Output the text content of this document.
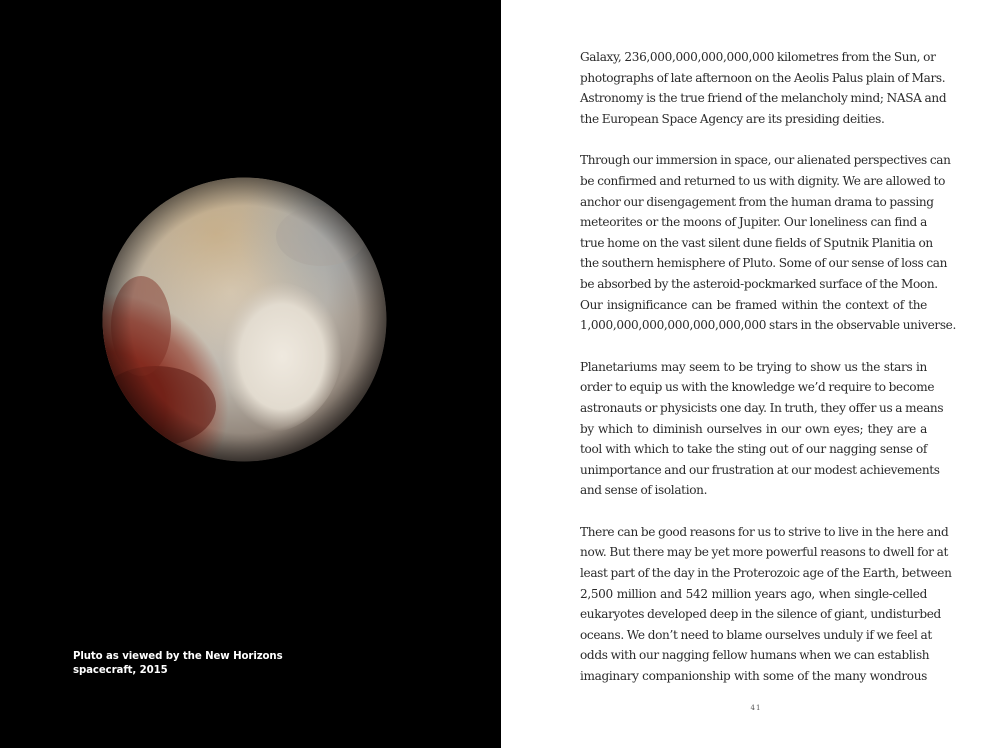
Pluto as viewed by the New Horizons
spacecraft, 2015

Galaxy, 236,000,000,000,000,000 kilometres from the Sun, or
photographs of late afternoon on the Aeolis Palus plain of Mars.
Astronomy is the true friend of the melancholy mind; NASA and
the European Space Agency are its presiding deities.

Through our immersion in space, our alienated perspectives can
be confirmed and returned to us with dignity. We are allowed to
anchor our disengagement from the human drama to passing
meteorites or the moons of Jupiter. Our loneliness can find a
true home on the vast silent dune fields of Sputnik Planitia on
the southern hemisphere of Pluto. Some of our sense of loss can
be absorbed by the asteroid-pockmarked surface of the Moon.
Our insignificance can be framed within the context of the
1,000,000,000,000,000,000,000 stars in the observable universe.

Planetariums may seem to be trying to show us the stars in
order to equip us with the knowledge we’d require to become
astronauts or physicists one day. In truth, they offer us a means
by which to diminish ourselves in our own eyes; they are a
tool with which to take the sting out of our nagging sense of
unimportance and our frustration at our modest achievements
and sense of isolation.

There can be good reasons for us to strive to live in the here and
now. But there may be yet more powerful reasons to dwell for at
least part of the day in the Proterozoic age of the Earth, between
2,500 million and 542 million years ago, when single-celled
eukaryotes developed deep in the silence of giant, undisturbed
oceans. We don’t need to blame ourselves unduly if we feel at
odds with our nagging fellow humans when we can establish
imaginary companionship with some of the many wondrous

41
